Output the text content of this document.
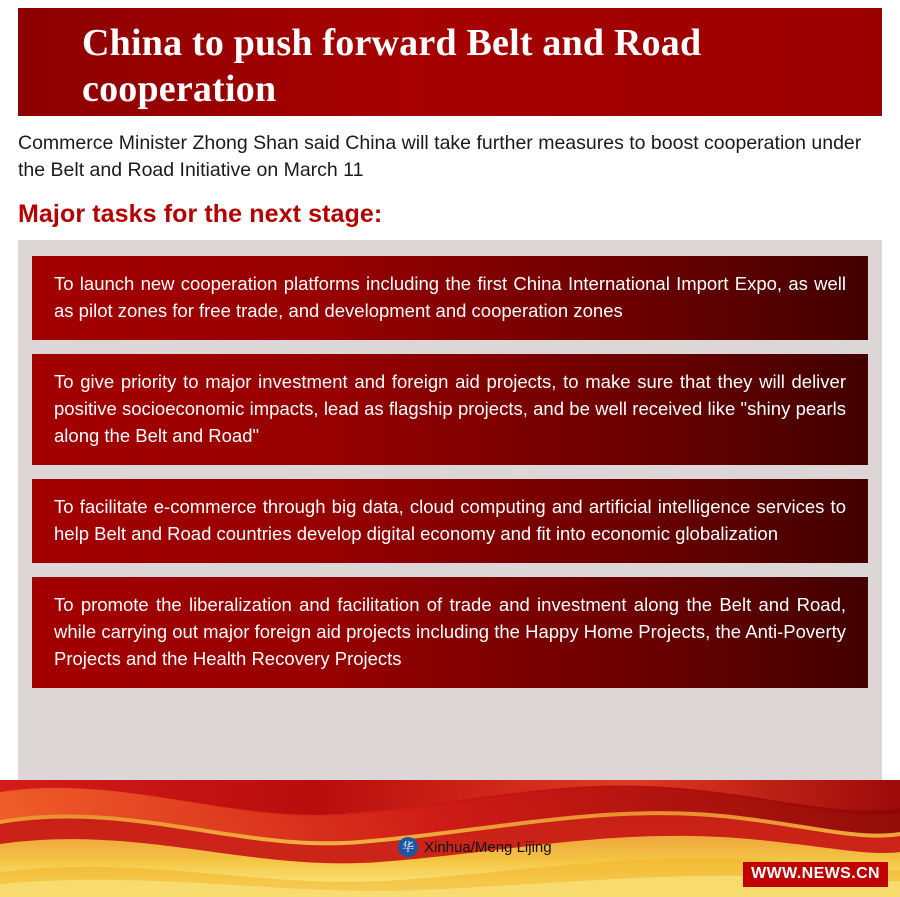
China to push forward Belt and Road cooperation
Commerce Minister Zhong Shan said China will take further measures to boost cooperation under the Belt and Road Initiative on March 11
Major tasks for the next stage:
To launch new cooperation platforms including the first China International Import Expo, as well as pilot zones for free trade, and development and cooperation zones
To give priority to major investment and foreign aid projects, to make sure that they will deliver positive socioeconomic impacts, lead as flagship projects, and be well received like "shiny pearls along the Belt and Road"
To facilitate e-commerce through big data, cloud computing and artificial intelligence services to help Belt and Road countries develop digital economy and fit into economic globalization
To promote the liberalization and facilitation of trade and investment along the Belt and Road, while carrying out major foreign aid projects including the Happy Home Projects, the Anti-Poverty Projects and the Health Recovery Projects
华 Xinhua/Meng Lijing
WWW.NEWS.CN
